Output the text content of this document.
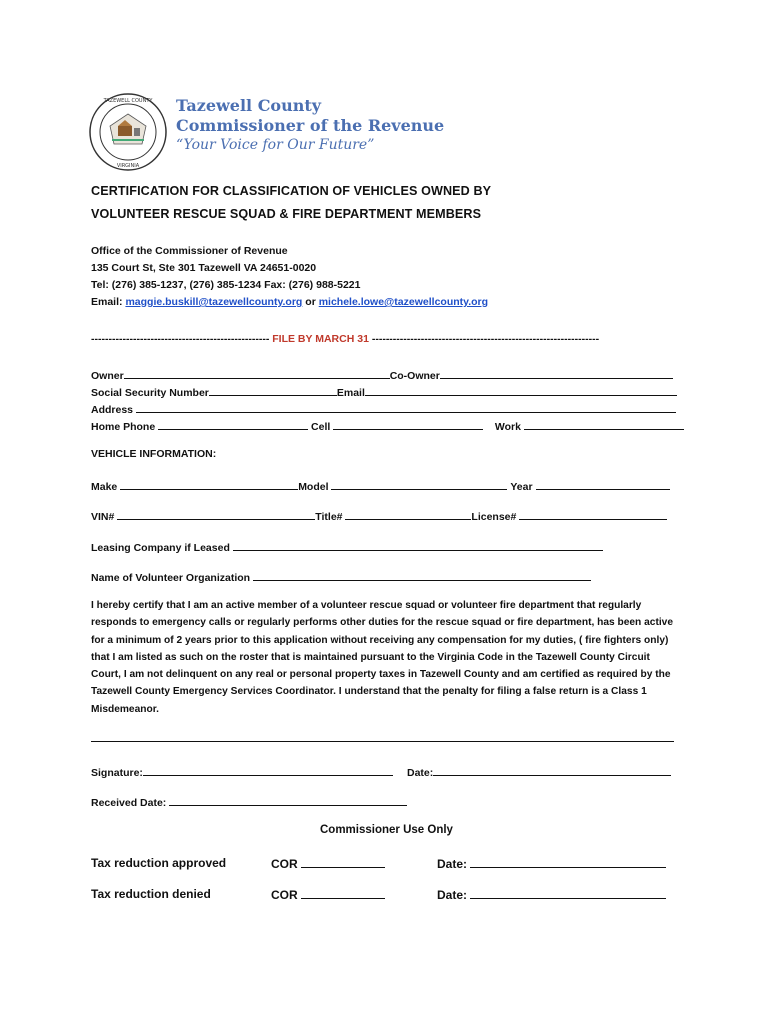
TAZEWELL COUNTY
VIRGINIA
Tazewell County
Commissioner of the Revenue
“Your Voice for Our Future”
CERTIFICATION FOR CLASSIFICATION OF VEHICLES OWNED BY
VOLUNTEER RESCUE SQUAD & FIRE DEPARTMENT MEMBERS
Office of the Commissioner of Revenue
135 Court St, Ste 301 Tazewell VA 24651-0020
Tel: (276) 385-1237, (276) 385-1234 Fax: (276) 988-5221
Email: maggie.buskill@tazewellcounty.org or michele.lowe@tazewellcounty.org
--------------------------------------------------- FILE BY MARCH 31 -----------------------------------------------------------------
Owner	Co-Owner
Social Security Number	Email
Address
Home Phone	Cell	Work
VEHICLE INFORMATION:
Make	Model	Year
VIN#	Title#	License#
Leasing Company if Leased
Name of Volunteer Organization
I hereby certify that I am an active member of a volunteer rescue squad or volunteer fire department that regularly responds to emergency calls or regularly performs other duties for the rescue squad or fire department, has been active for a minimum of 2 years prior to this application without receiving any compensation for my duties, ( fire fighters only) that I am listed as such on the roster that is maintained pursuant to the Virginia Code in the Tazewell County Circuit Court, I am not delinquent on any real or personal property taxes in Tazewell County and am certified as required by the Tazewell County Emergency Services Coordinator. I understand that the penalty for filing a false return is a Class 1 Misdemeanor.
Signature:	Date:
Received Date:
Commissioner Use Only
Tax reduction approved	COR	Date:
Tax reduction denied	COR	Date:
